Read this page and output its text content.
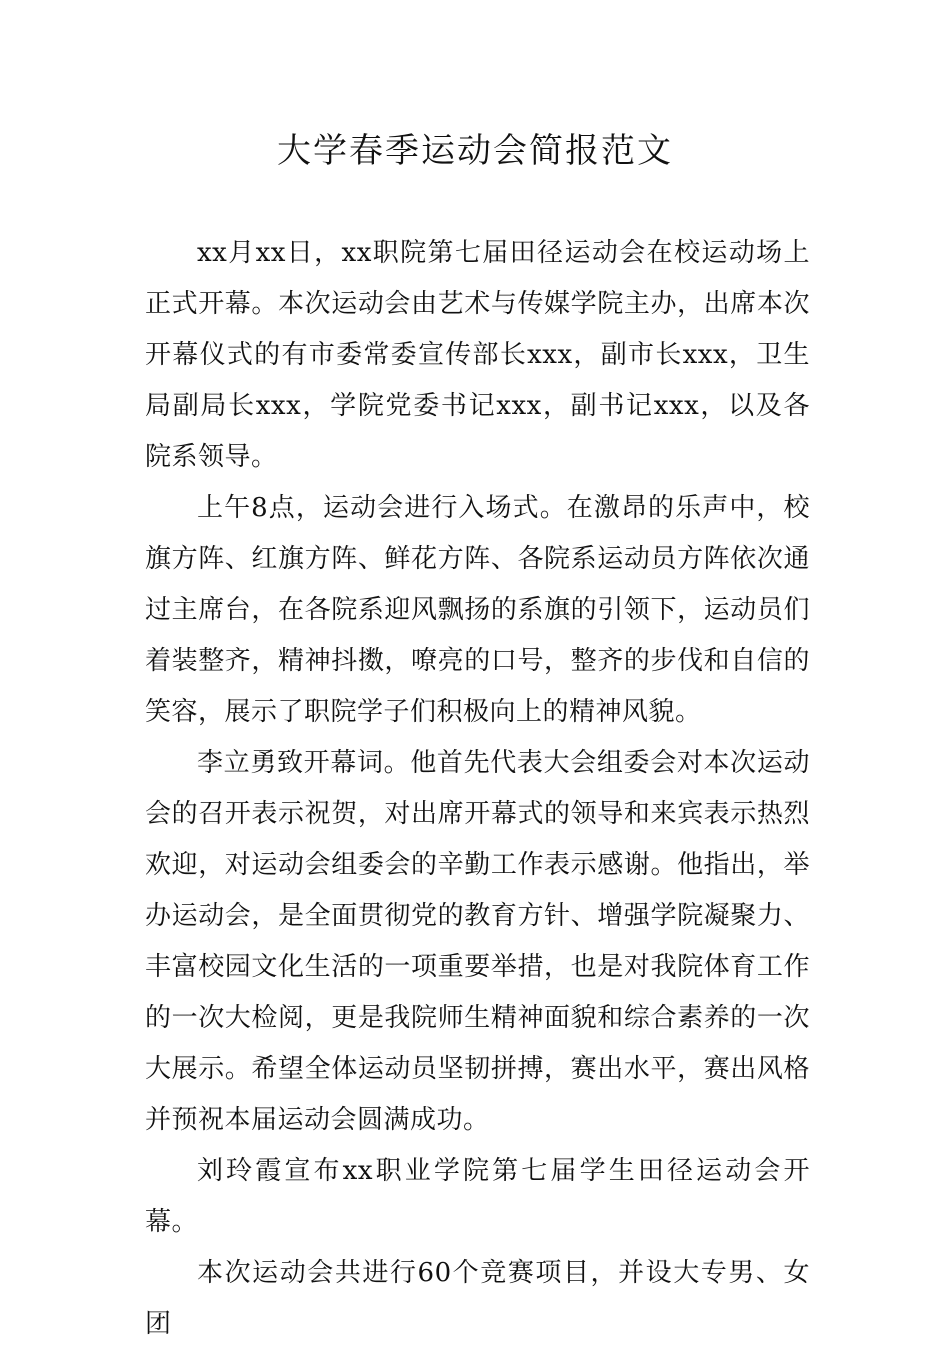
大学春季运动会简报范文

xx月xx日，xx职院第七届田径运动会在校运动场上正式开幕。本次运动会由艺术与传媒学院主办，出席本次开幕仪式的有市委常委宣传部长xxx，副市长xxx，卫生局副局长xxx，学院党委书记xxx，副书记xxx，以及各院系领导。

上午8点，运动会进行入场式。在激昂的乐声中，校旗方阵、红旗方阵、鲜花方阵、各院系运动员方阵依次通过主席台，在各院系迎风飘扬的系旗的引领下，运动员们着装整齐，精神抖擞，嘹亮的口号，整齐的步伐和自信的笑容，展示了职院学子们积极向上的精神风貌。

李立勇致开幕词。他首先代表大会组委会对本次运动会的召开表示祝贺，对出席开幕式的领导和来宾表示热烈欢迎，对运动会组委会的辛勤工作表示感谢。他指出，举办运动会，是全面贯彻党的教育方针、增强学院凝聚力、丰富校园文化生活的一项重要举措，也是对我院体育工作的一次大检阅，更是我院师生精神面貌和综合素养的一次大展示。希望全体运动员坚韧拼搏，赛出水平，赛出风格并预祝本届运动会圆满成功。

刘玲霞宣布xx职业学院第七届学生田径运动会开幕。

本次运动会共进行60个竞赛项目，并设大专男、女团
